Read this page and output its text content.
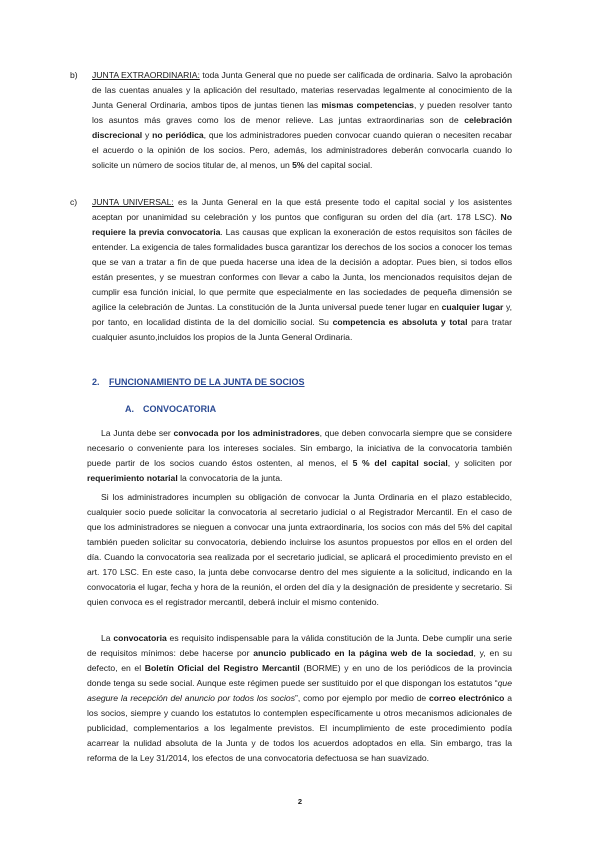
b) JUNTA EXTRAORDINARIA: toda Junta General que no puede ser calificada de ordinaria. Salvo la aprobación de las cuentas anuales y la aplicación del resultado, materias reservadas legalmente al conocimiento de la Junta General Ordinaria, ambos tipos de juntas tienen las mismas competencias, y pueden resolver tanto los asuntos más graves como los de menor relieve. Las juntas extraordinarias son de celebración discrecional y no periódica, que los administradores pueden convocar cuando quieran o necesiten recabar el acuerdo o la opinión de los socios. Pero, además, los administradores deberán convocarla cuando lo solicite un número de socios titular de, al menos, un 5% del capital social.

c) JUNTA UNIVERSAL: es la Junta General en la que está presente todo el capital social y los asistentes aceptan por unanimidad su celebración y los puntos que configuran su orden del día (art. 178 LSC). No requiere la previa convocatoria. Las causas que explican la exoneración de estos requisitos son fáciles de entender. La exigencia de tales formalidades busca garantizar los derechos de los socios a conocer los temas que se van a tratar a fin de que pueda hacerse una idea de la decisión a adoptar. Pues bien, si todos ellos están presentes, y se muestran conformes con llevar a cabo la Junta, los mencionados requisitos dejan de cumplir esa función inicial, lo que permite que especialmente en las sociedades de pequeña dimensión se agilice la celebración de Juntas. La constitución de la Junta universal puede tener lugar en cualquier lugar y, por tanto, en localidad distinta de la del domicilio social. Su competencia es absoluta y total para tratar cualquier asunto,incluidos los propios de la Junta General Ordinaria.

2. FUNCIONAMIENTO DE LA JUNTA DE SOCIOS
A. CONVOCATORIA

La Junta debe ser convocada por los administradores, que deben convocarla siempre que se considere necesario o conveniente para los intereses sociales. Sin embargo, la iniciativa de la convocatoria también puede partir de los socios cuando éstos ostenten, al menos, el 5 % del capital social, y soliciten por requerimiento notarial la convocatoria de la junta.

Si los administradores incumplen su obligación de convocar la Junta Ordinaria en el plazo establecido, cualquier socio puede solicitar la convocatoria al secretario judicial o al Registrador Mercantil. En el caso de que los administradores se nieguen a convocar una junta extraordinaria, los socios con más del 5% del capital también pueden solicitar su convocatoria, debiendo incluirse los asuntos propuestos por ellos en el orden del día. Cuando la convocatoria sea realizada por el secretario judicial, se aplicará el procedimiento previsto en el art. 170 LSC. En este caso, la junta debe convocarse dentro del mes siguiente a la solicitud, indicando en la convocatoria el lugar, fecha y hora de la reunión, el orden del día y la designación de presidente y secretario. Si quien convoca es el registrador mercantil, deberá incluir el mismo contenido.

La convocatoria es requisito indispensable para la válida constitución de la Junta. Debe cumplir una serie de requisitos mínimos: debe hacerse por anuncio publicado en la página web de la sociedad, y, en su defecto, en el Boletín Oficial del Registro Mercantil (BORME) y en uno de los periódicos de la provincia donde tenga su sede social. Aunque este régimen puede ser sustituido por el que dispongan los estatutos “que asegure la recepción del anuncio por todos los socios”, como por ejemplo por medio de correo electrónico a los socios, siempre y cuando los estatutos lo contemplen específicamente u otros mecanismos adicionales de publicidad, complementarios a los legalmente previstos. El incumplimiento de este procedimiento podía acarrear la nulidad absoluta de la Junta y de todos los acuerdos adoptados en ella. Sin embargo, tras la reforma de la Ley 31/2014, los efectos de una convocatoria defectuosa se han suavizado.

2
